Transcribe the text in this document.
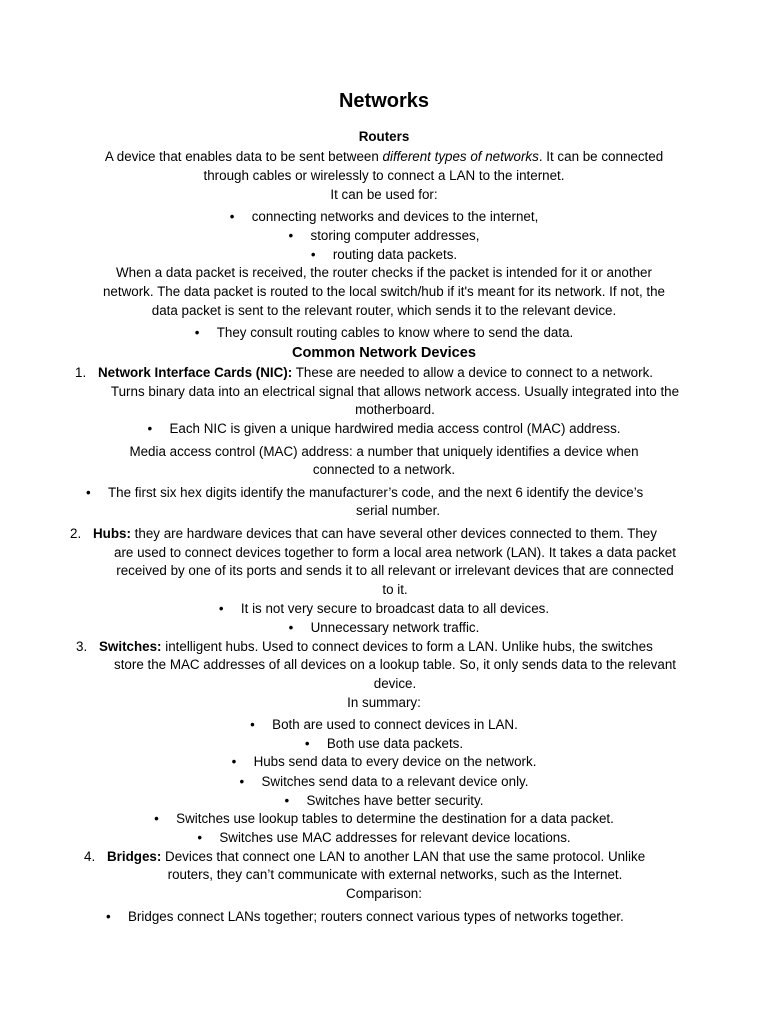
Networks
Routers
A device that enables data to be sent between different types of networks. It can be connected
through cables or wirelessly to connect a LAN to the internet.
It can be used for:
• connecting networks and devices to the internet,
• storing computer addresses,
• routing data packets.
When a data packet is received, the router checks if the packet is intended for it or another
network. The data packet is routed to the local switch/hub if it's meant for its network. If not, the
data packet is sent to the relevant router, which sends it to the relevant device.
• They consult routing cables to know where to send the data.
Common Network Devices
1. Network Interface Cards (NIC): These are needed to allow a device to connect to a network.
Turns binary data into an electrical signal that allows network access. Usually integrated into the
motherboard.
• Each NIC is given a unique hardwired media access control (MAC) address.
Media access control (MAC) address: a number that uniquely identifies a device when
connected to a network.
• The first six hex digits identify the manufacturer’s code, and the next 6 identify the device’s
serial number.
2. Hubs: they are hardware devices that can have several other devices connected to them. They
are used to connect devices together to form a local area network (LAN). It takes a data packet
received by one of its ports and sends it to all relevant or irrelevant devices that are connected
to it.
• It is not very secure to broadcast data to all devices.
• Unnecessary network traffic.
3. Switches: intelligent hubs. Used to connect devices to form a LAN. Unlike hubs, the switches
store the MAC addresses of all devices on a lookup table. So, it only sends data to the relevant
device.
In summary:
• Both are used to connect devices in LAN.
• Both use data packets.
• Hubs send data to every device on the network.
• Switches send data to a relevant device only.
• Switches have better security.
• Switches use lookup tables to determine the destination for a data packet.
• Switches use MAC addresses for relevant device locations.
4. Bridges: Devices that connect one LAN to another LAN that use the same protocol. Unlike
routers, they can’t communicate with external networks, such as the Internet.
Comparison:
• Bridges connect LANs together; routers connect various types of networks together.
